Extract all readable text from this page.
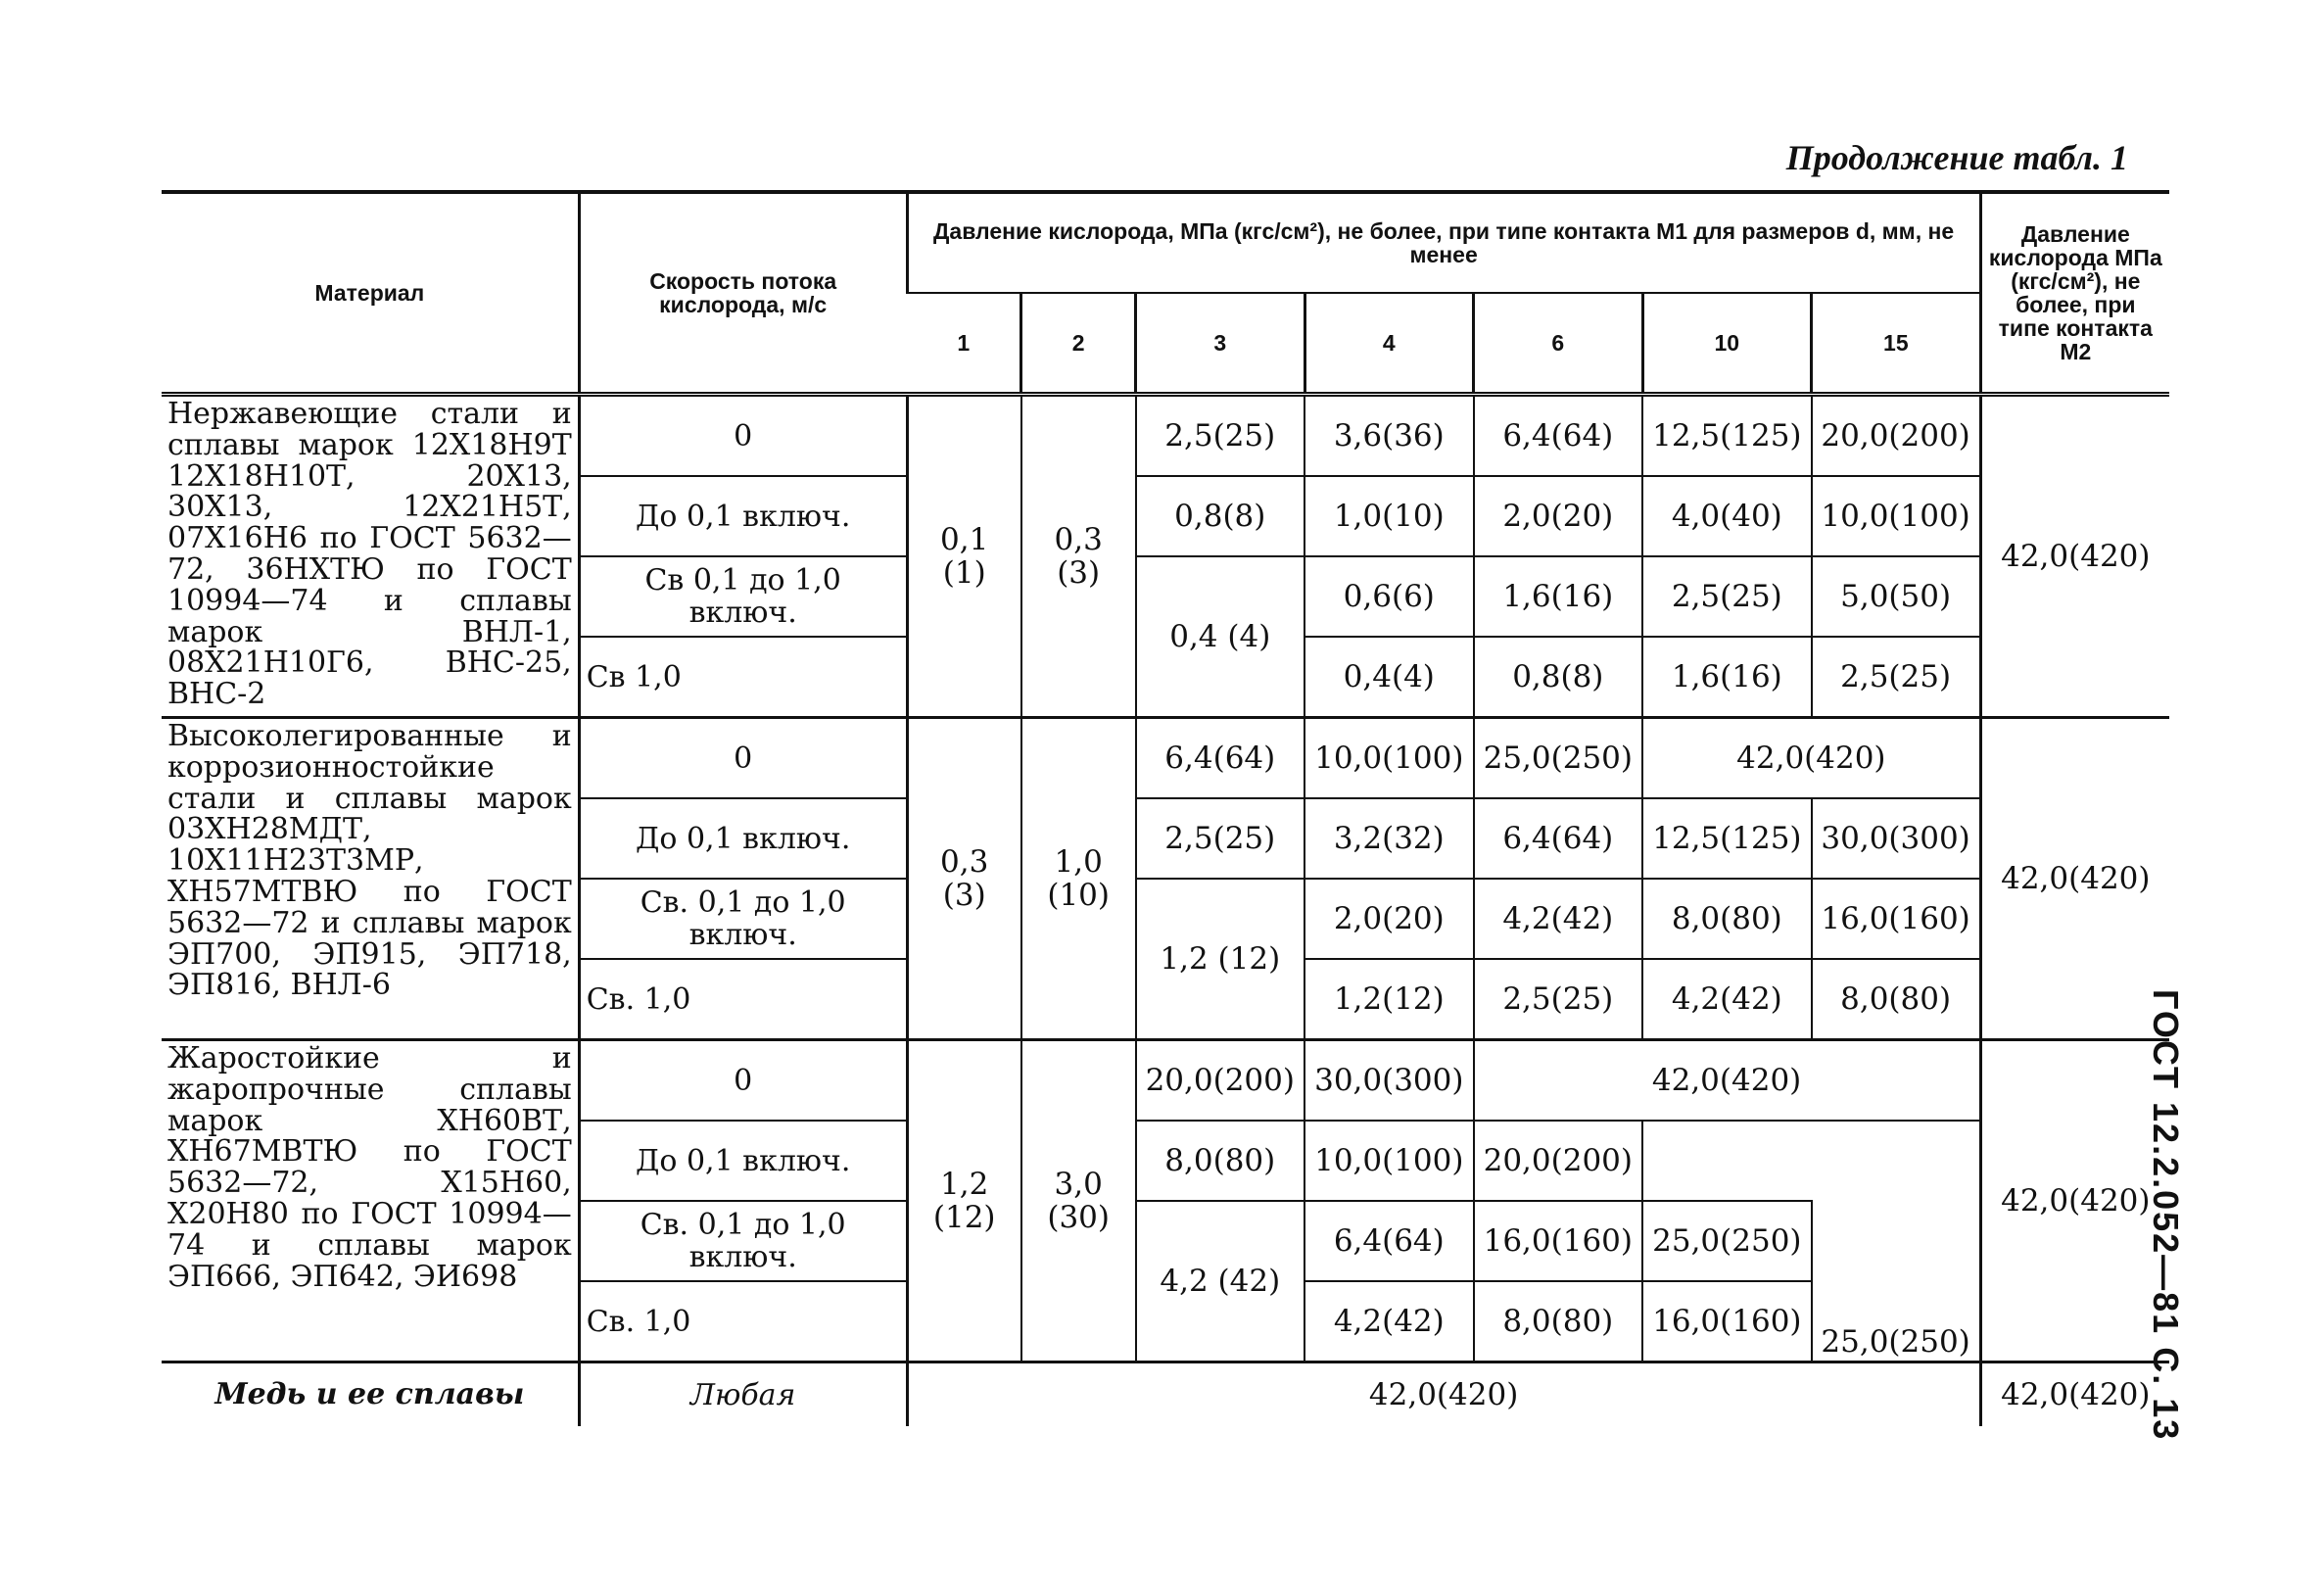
Продолжение табл. 1
ГОСТ 12.2.052—81 С. 13
Материал	Скорость потока кислорода, м/с	Давление кислорода, МПа (кгс/см²), не более, при типе контакта М1 для размеров d, мм, не менее							Давление кислорода МПа (кгс/см²), не более, при типе контакта М2
		1	2	3	4	6	10	15	
Нержавеющие стали и сплавы марок 12Х18Н9Т 12Х18Н10Т, 20Х13, 30Х13, 12Х21Н5Т, 07Х16Н6 по ГОСТ 5632—72, 36НХТЮ по ГОСТ 10994—74 и сплавы марок ВНЛ-1, 08Х21Н10Г6, ВНС-25, ВНС-2	0	0,1 (1)	0,3 (3)	2,5(25)	3,6(36)	6,4(64)	12,5(125)	20,0(200)	42,0(420)
	До 0,1 включ.			0,8(8)	1,0(10)	2,0(20)	4,0(40)	10,0(100)	
	Св 0,1 до 1,0 включ.			0,4 (4)	0,6(6)	1,6(16)	2,5(25)	5,0(50)	
	Св 1,0				0,4(4)	0,8(8)	1,6(16)	2,5(25)	
Высоколегированные и коррозионностойкие стали и сплавы марок 03ХН28МДТ, 10Х11Н23Т3МР, ХН57МТВЮ по ГОСТ 5632—72 и сплавы марок ЭП700, ЭП915, ЭП718, ЭП816, ВНЛ-6	0	0,3 (3)	1,0 (10)	6,4(64)	10,0(100)	25,0(250)	42,0(420)		42,0(420)
	До 0,1 включ.			2,5(25)	3,2(32)	6,4(64)	12,5(125)	30,0(300)	
	Св. 0,1 до 1,0 включ.			1,2 (12)	2,0(20)	4,2(42)	8,0(80)	16,0(160)	
	Св. 1,0				1,2(12)	2,5(25)	4,2(42)	8,0(80)	
Жаростойкие и жаропрочные сплавы марок ХН60ВТ, ХН67МВТЮ по ГОСТ 5632—72, Х15Н60, Х20Н80 по ГОСТ 10994—74 и сплавы марок ЭП666, ЭП642, ЭИ698	0	1,2 (12)	3,0 (30)	20,0(200)	30,0(300)	42,0(420)			42,0(420)
	До 0,1 включ.			8,0(80)	10,0(100)	20,0(200)			
	Св. 0,1 до 1,0 включ.			4,2 (42)	6,4(64)	16,0(160)	25,0(250)	25,0(250)	
	Св. 1,0				4,2(42)	8,0(80)	16,0(160)		
Медь и ее сплавы	Любая	42,0(420)							42,0(420)
